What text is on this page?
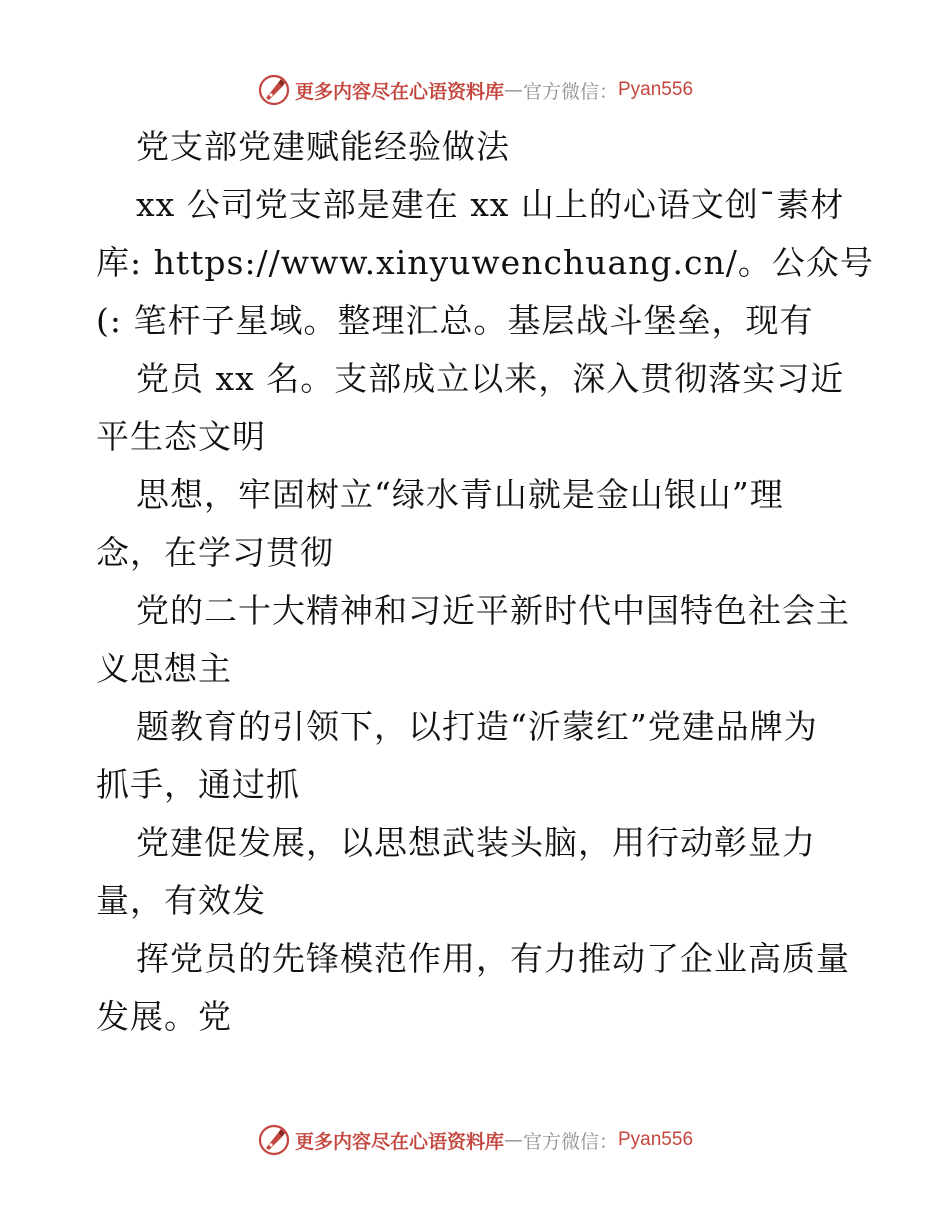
更多内容尽在心语资料库 — 官方微信： Pyan556
党支部党建赋能经验做法
xx 公司党支部是建在 xx 山上的心语文创¯素材
库: https://www.xinyuwenchuang.cn/。公众号
(: 笔杆子星域。整理汇总。基层战斗堡垒，现有
党员 xx 名。支部成立以来，深入贯彻落实习近
平生态文明
思想，牢固树立“绿水青山就是金山银山”理
念，在学习贯彻
党的二十大精神和习近平新时代中国特色社会主
义思想主
题教育的引领下，以打造“沂蒙红”党建品牌为
抓手，通过抓
党建促发展，以思想武装头脑，用行动彰显力
量，有效发
挥党员的先锋模范作用，有力推动了企业高质量
发展。党
更多内容尽在心语资料库 — 官方微信： Pyan556
